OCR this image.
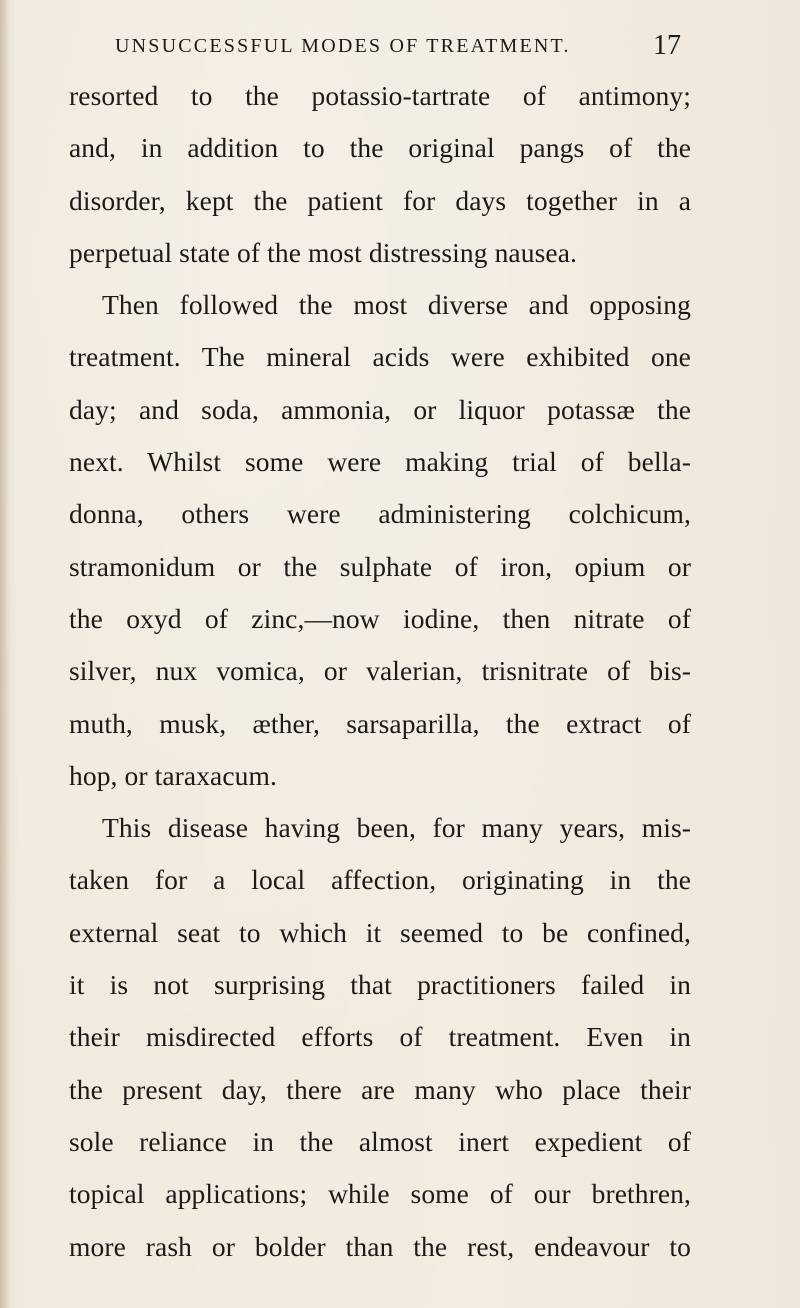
UNSUCCESSFUL MODES OF TREATMENT.	17
resorted to the potassio-tartrate of antimony;
and, in addition to the original pangs of the
disorder, kept the patient for days together in a
perpetual state of the most distressing nausea.
Then followed the most diverse and opposing
treatment. The mineral acids were exhibited one
day; and soda, ammonia, or liquor potassæ the
next. Whilst some were making trial of bella-
donna, others were administering colchicum,
stramonidum or the sulphate of iron, opium or
the oxyd of zinc,—now iodine, then nitrate of
silver, nux vomica, or valerian, trisnitrate of bis-
muth, musk, æther, sarsaparilla, the extract of
hop, or taraxacum.
This disease having been, for many years, mis-
taken for a local affection, originating in the
external seat to which it seemed to be confined,
it is not surprising that practitioners failed in
their misdirected efforts of treatment. Even in
the present day, there are many who place their
sole reliance in the almost inert expedient of
topical applications; while some of our brethren,
more rash or bolder than the rest, endeavour to
